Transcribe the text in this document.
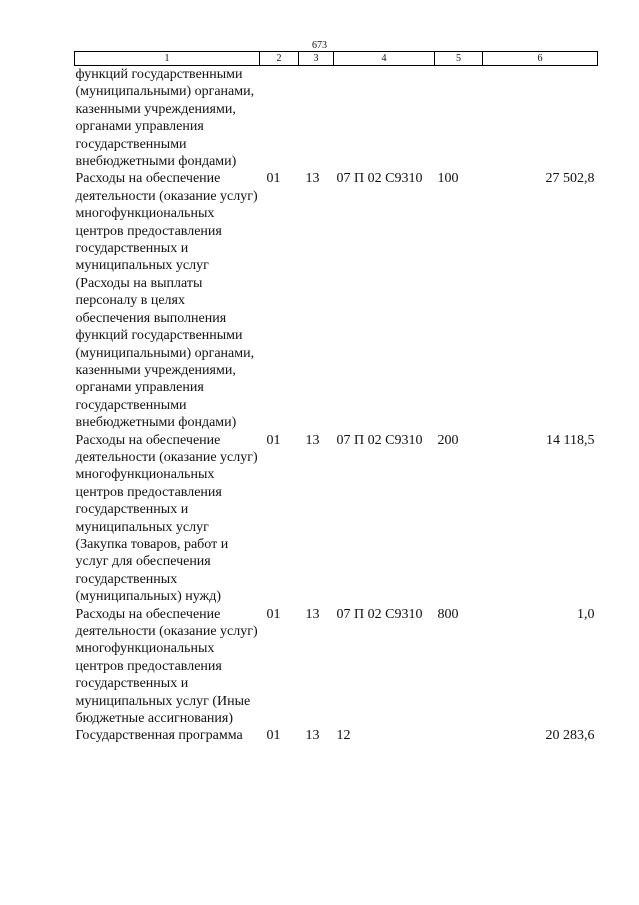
673
1	2	3	4	5	6
функций государственными (муниципальными) органами, казенными учреждениями, органами управления государственными внебюджетными фондами)					
Расходы на обеспечение деятельности (оказание услуг) многофункциональных центров предоставления государственных и муниципальных услуг (Расходы на выплаты персоналу в целях обеспечения выполнения функций государственными (муниципальными) органами, казенными учреждениями, органами управления государственными внебюджетными фондами)	01	13	07 П 02 С9310	100	27 502,8
Расходы на обеспечение деятельности (оказание услуг) многофункциональных центров предоставления государственных и муниципальных услуг (Закупка товаров, работ и услуг для обеспечения государственных (муниципальных) нужд)	01	13	07 П 02 С9310	200	14 118,5
Расходы на обеспечение деятельности (оказание услуг) многофункциональных центров предоставления государственных и муниципальных услуг (Иные бюджетные ассигнования)	01	13	07 П 02 С9310	800	1,0
Государственная программа	01	13	12		20 283,6
